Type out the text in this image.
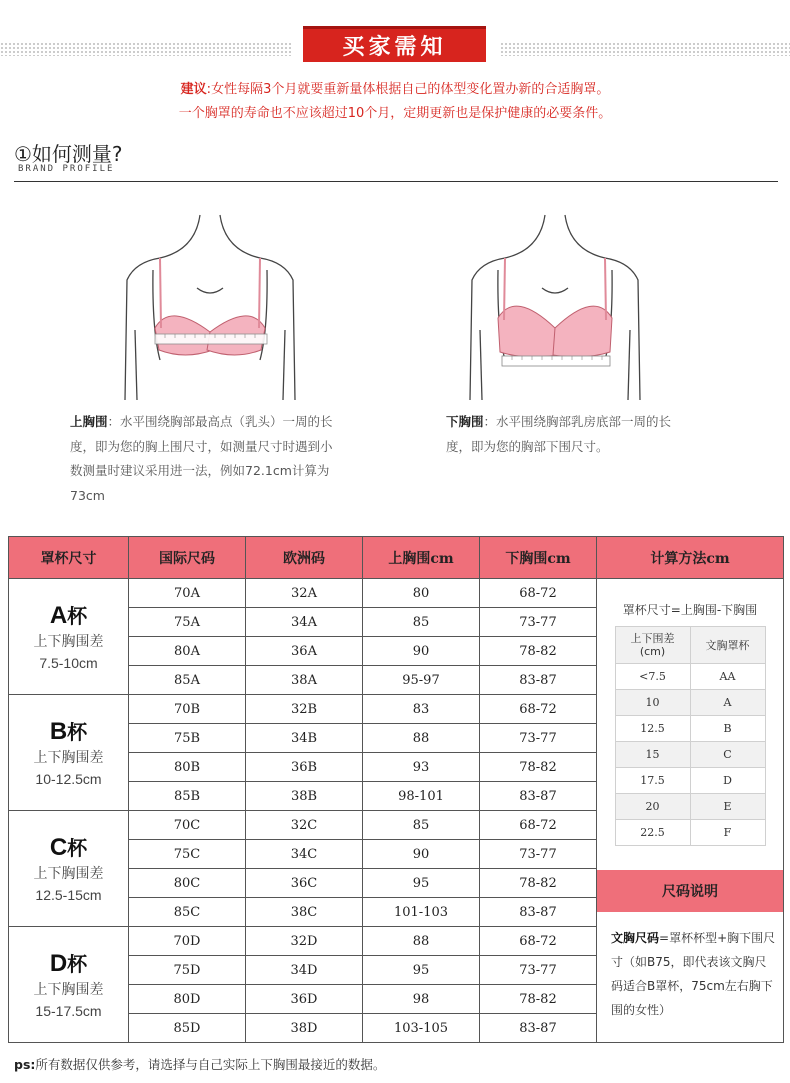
买家需知
建议:女性每隔3个月就要重新量体根据自己的体型变化置办新的合适胸罩。
一个胸罩的寿命也不应该超过10个月，定期更新也是保护健康的必要条件。
①如何测量?
BRAND PROFILE
上胸围：水平围绕胸部最高点（乳头）一周的长度，即为您的胸上围尺寸，如测量尺寸时遇到小数测量时建议采用进一法，例如72.1cm计算为73cm
下胸围：水平围绕胸部乳房底部一周的长度，即为您的胸部下围尺寸。
罩杯尺寸	国际尺码	欧洲码	上胸围cm	下胸围cm	计算方法cm

A杯
上下胸围差
7.5-10cm
	70A	32A	80	68-72	
罩杯尺寸=上胸围-下胸围
上下围差
(cm)	文胸罩杯
<7.5	AA
10	A
12.5	B
15	C
17.5	D
20	E
22.5	F
尺码说明
文胸尺码=罩杯杯型+胸下围尺寸（如B75，即代表该文胸尺码适合B罩杯，75cm左右胸下围的女性）

75A	34A	85	73-77
80A	36A	90	78-82
85A	38A	95-97	83-87

B杯
上下胸围差
10-12.5cm
	70B	32B	83	68-72
75B	34B	88	73-77
80B	36B	93	78-82
85B	38B	98-101	83-87

C杯
上下胸围差
12.5-15cm
	70C	32C	85	68-72
75C	34C	90	73-77
80C	36C	95	78-82
85C	38C	101-103	83-87

D杯
上下胸围差
15-17.5cm
	70D	32D	88	68-72
75D	34D	95	73-77
80D	36D	98	78-82
85D	38D	103-105	83-87
ps:所有数据仅供参考，请选择与自己实际上下胸围最接近的数据。
